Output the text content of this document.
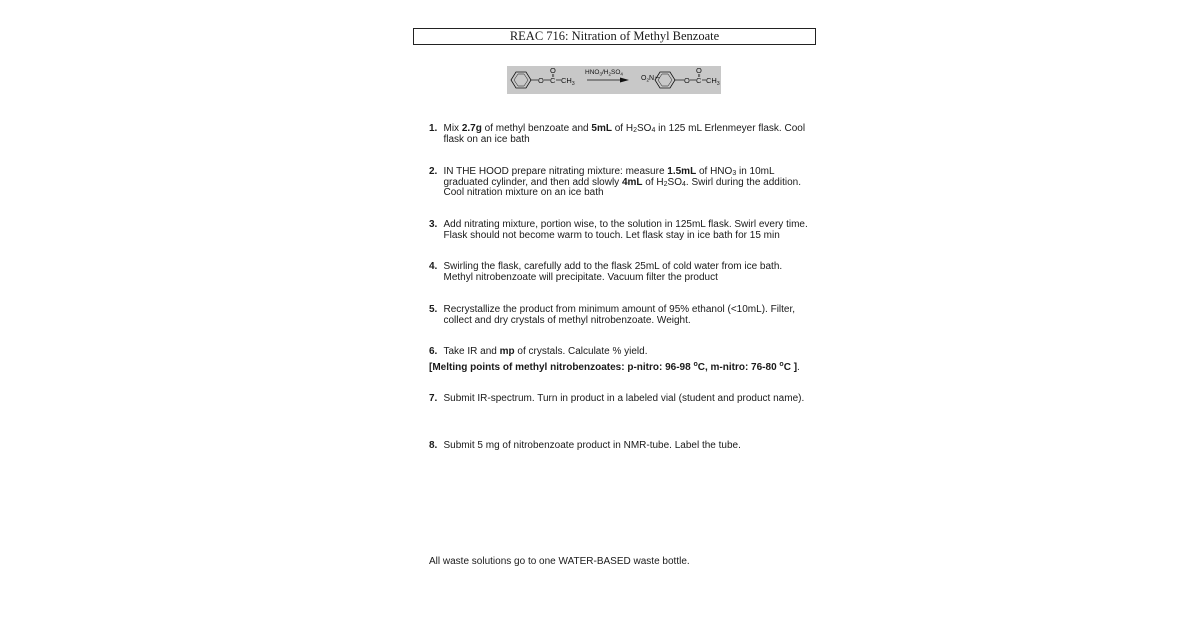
REAC 716: Nitration of Methyl Benzoate
O
O
C $CH_3$
$HNO_3/H_2SO_4$
$O_2N$	O
O
C $CH_3$
1. Mix 2.7g of methyl benzoate and 5mL of $H_2SO_4$ in 125 mL Erlenmeyer flask. Cool flask on an ice bath
2. IN THE HOOD prepare nitrating mixture: measure 1.5mL of $HNO_3$ in 10mL graduated cylinder, and then add slowly 4mL of $H_2SO_4$. Swirl during the addition. Cool nitration mixture on an ice bath
3. Add nitrating mixture, portion wise, to the solution in 125mL flask. Swirl every time. Flask should not become warm to touch. Let flask stay in ice bath for 15 min
4. Swirling the flask, carefully add to the flask 25mL of cold water from ice bath. Methyl nitrobenzoate will precipitate. Vacuum filter the product
5. Recrystallize the product from minimum amount of 95% ethanol (<10mL). Filter, collect and dry crystals of methyl nitrobenzoate. Weight.
6. Take IR and mp of crystals. Calculate % yield.
[Melting points of methyl nitrobenzoates: p-nitro: 96-98 $^o$C, m-nitro: 76-80 $^o$C ].
7. Submit IR-spectrum. Turn in product in a labeled vial (student and product name).
8. Submit 5 mg of nitrobenzoate product in NMR-tube. Label the tube.
All waste solutions go to one WATER-BASED waste bottle.
